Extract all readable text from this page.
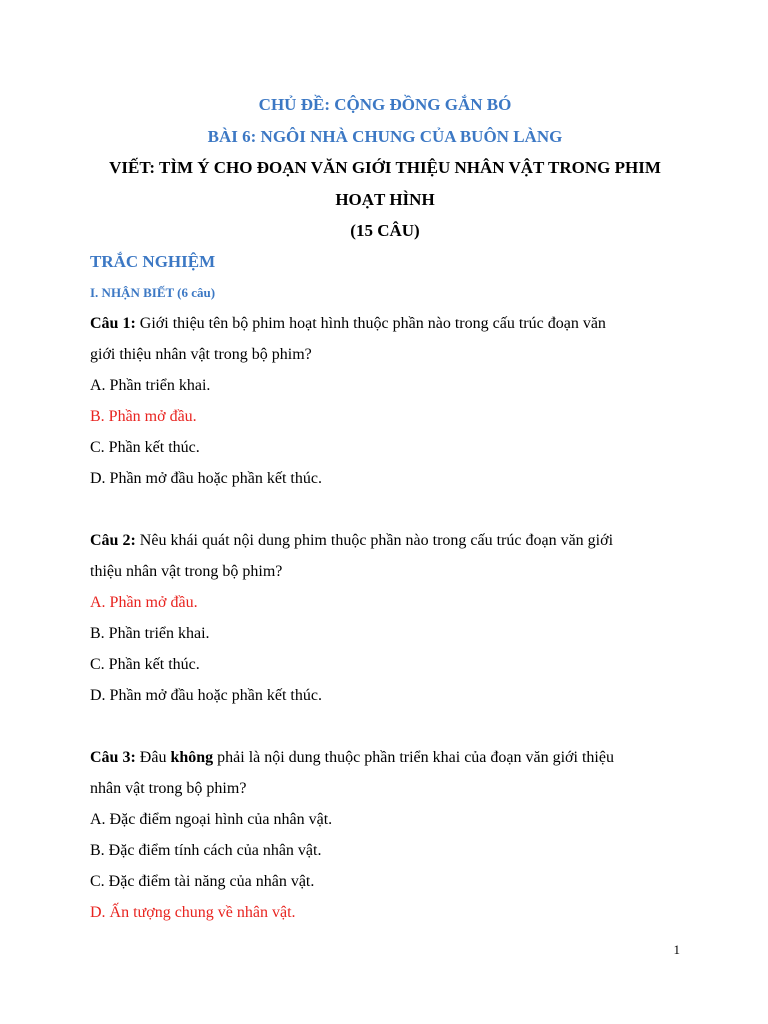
CHỦ ĐỀ: CỘNG ĐỒNG GẮN BÓ
BÀI 6: NGÔI NHÀ CHUNG CỦA BUÔN LÀNG
VIẾT: TÌM Ý CHO ĐOẠN VĂN GIỚI THIỆU NHÂN VẬT TRONG PHIM
HOẠT HÌNH
(15 CÂU)

TRẮC NGHIỆM

I. NHẬN BIẾT (6 câu)

Câu 1: Giới thiệu tên bộ phim hoạt hình thuộc phần nào trong cấu trúc đoạn văn

giới thiệu nhân vật trong bộ phim?

A. Phần triển khai.

B. Phần mở đầu.

C. Phần kết thúc.

D. Phần mở đầu hoặc phần kết thúc.

Câu 2: Nêu khái quát nội dung phim thuộc phần nào trong cấu trúc đoạn văn giới

thiệu nhân vật trong bộ phim?

A. Phần mở đầu.

B. Phần triển khai.

C. Phần kết thúc.

D. Phần mở đầu hoặc phần kết thúc.

Câu 3: Đâu không phải là nội dung thuộc phần triển khai của đoạn văn giới thiệu

nhân vật trong bộ phim?

A. Đặc điểm ngoại hình của nhân vật.

B. Đặc điểm tính cách của nhân vật.

C. Đặc điểm tài năng của nhân vật.

D. Ấn tượng chung về nhân vật.

1
